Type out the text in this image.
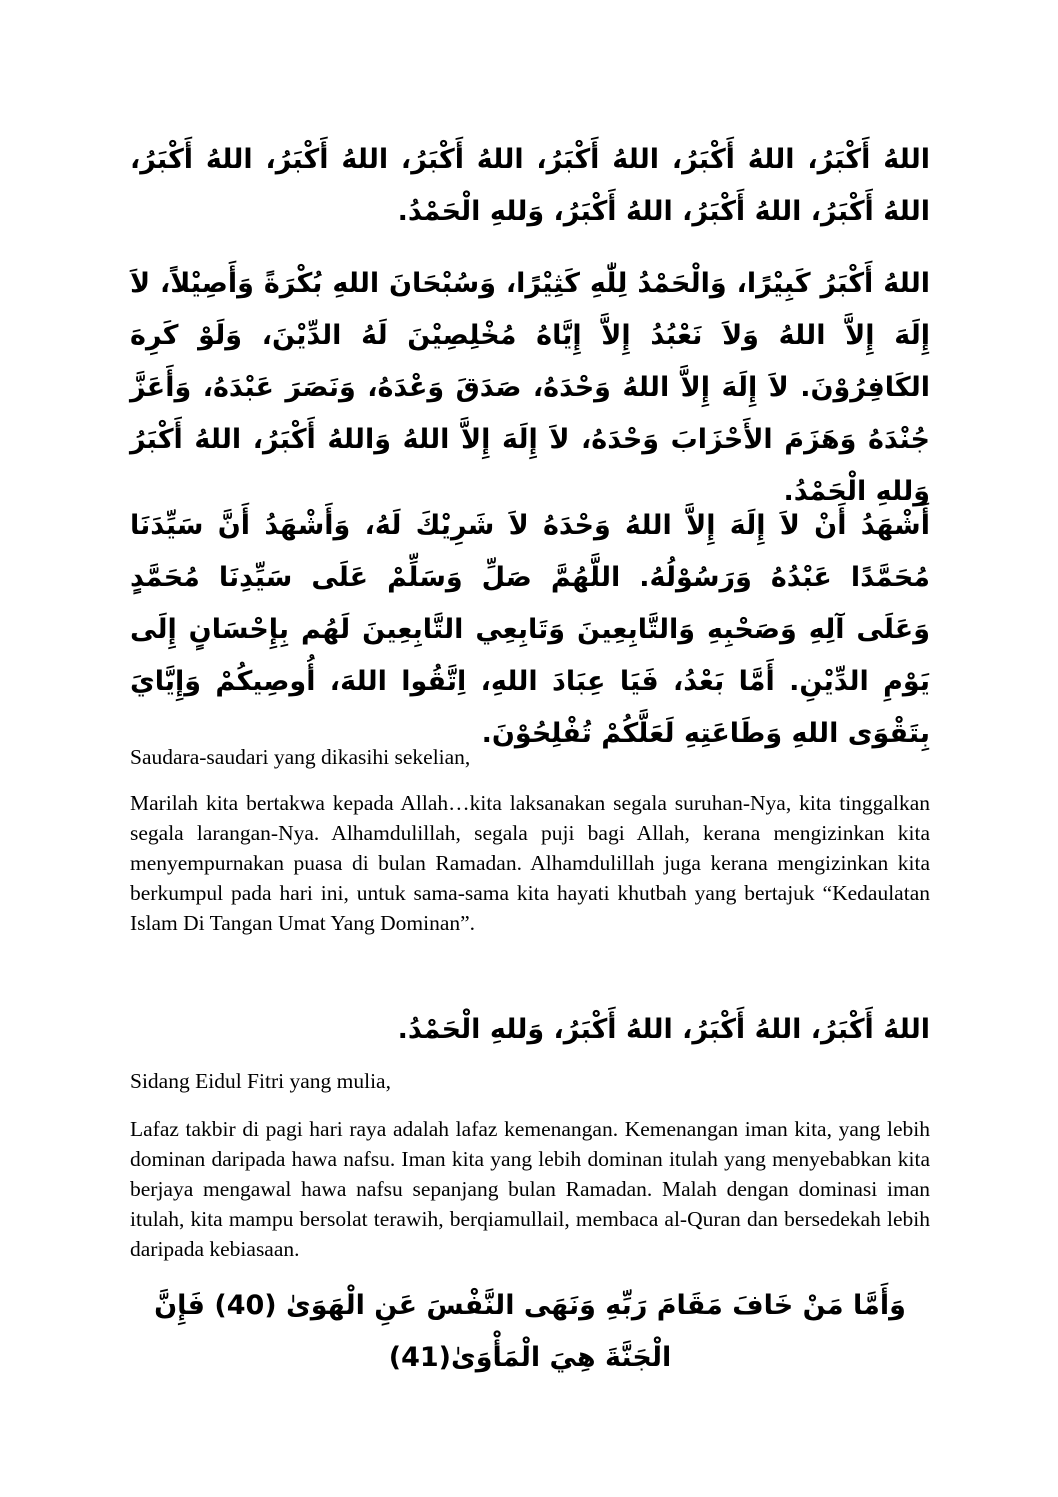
اللهُ أَكْبَرُ، اللهُ أَكْبَرُ، اللهُ أَكْبَرُ، اللهُ أَكْبَرُ، اللهُ أَكْبَرُ، اللهُ أَكْبَرُ، اللهُ أَكْبَرُ، اللهُ أَكْبَرُ، اللهُ أَكْبَرُ، وَللهِ الْحَمْدُ.

اللهُ أَكْبَرُ كَبِيْرًا، وَالْحَمْدُ لِلّٰهِ كَثِيْرًا، وَسُبْحَانَ اللهِ بُكْرَةً وَأَصِيْلاً، لاَ إِلَهَ إِلاَّ اللهُ وَلاَ نَعْبُدُ إِلاَّ إِيَّاهُ مُخْلِصِيْنَ لَهُ الدِّيْنَ، وَلَوْ كَرِهَ الكَافِرُوْنَ. لاَ إِلَهَ إِلاَّ اللهُ وَحْدَهُ، صَدَقَ وَعْدَهُ، وَنَصَرَ عَبْدَهُ، وَأَعَزَّ جُنْدَهُ وَهَزَمَ الأَحْزَابَ وَحْدَهُ، لاَ إِلَهَ إِلاَّ اللهُ وَاللهُ أَكْبَرُ، اللهُ أَكْبَرُ وَللهِ الْحَمْدُ.

أَشْهَدُ أَنْ لاَ إِلَهَ إِلاَّ اللهُ وَحْدَهُ لاَ شَرِيْكَ لَهُ، وَأَشْهَدُ أَنَّ سَيِّدَنَا مُحَمَّدًا عَبْدُهُ وَرَسُوْلُهُ. اللَّهُمَّ صَلِّ وَسَلِّمْ عَلَى سَيِّدِنَا مُحَمَّدٍ وَعَلَى آلِهِ وَصَحْبِهِ وَالتَّابِعِينَ وَتَابِعِي التَّابِعِينَ لَهُم بِإِحْسَانٍ إِلَى يَوْمِ الدِّيْنِ. أَمَّا بَعْدُ، فَيَا عِبَادَ اللهِ، اِتَّقُوا اللهَ، أُوصِيكُمْ وَإِيَّايَ بِتَقْوَى اللهِ وَطَاعَتِهِ لَعَلَّكُمْ تُفْلِحُوْنَ.

Saudara-saudari yang dikasihi sekelian,

Marilah kita bertakwa kepada Allah…kita laksanakan segala suruhan-Nya, kita tinggalkan segala larangan-Nya. Alhamdulillah, segala puji bagi Allah, kerana mengizinkan kita menyempurnakan puasa di bulan Ramadan. Alhamdulillah juga kerana mengizinkan kita berkumpul pada hari ini, untuk sama-sama kita hayati khutbah yang bertajuk “Kedaulatan Islam Di Tangan Umat Yang Dominan”.

اللهُ أَكْبَرُ، اللهُ أَكْبَرُ، اللهُ أَكْبَرُ، وَللهِ الْحَمْدُ.

Sidang Eidul Fitri yang mulia,

Lafaz takbir di pagi hari raya adalah lafaz kemenangan. Kemenangan iman kita, yang lebih dominan daripada hawa nafsu. Iman kita yang lebih dominan itulah yang menyebabkan kita berjaya mengawal hawa nafsu sepanjang bulan Ramadan. Malah dengan dominasi iman itulah, kita mampu bersolat terawih, berqiamullail, membaca al-Quran dan bersedekah lebih daripada kebiasaan.

وَأَمَّا مَنْ خَافَ مَقَامَ رَبِّهِ وَنَهَى النَّفْسَ عَنِ الْهَوَىٰ (40) فَإِنَّ الْجَنَّةَ هِيَ الْمَأْوَىٰ(41)
